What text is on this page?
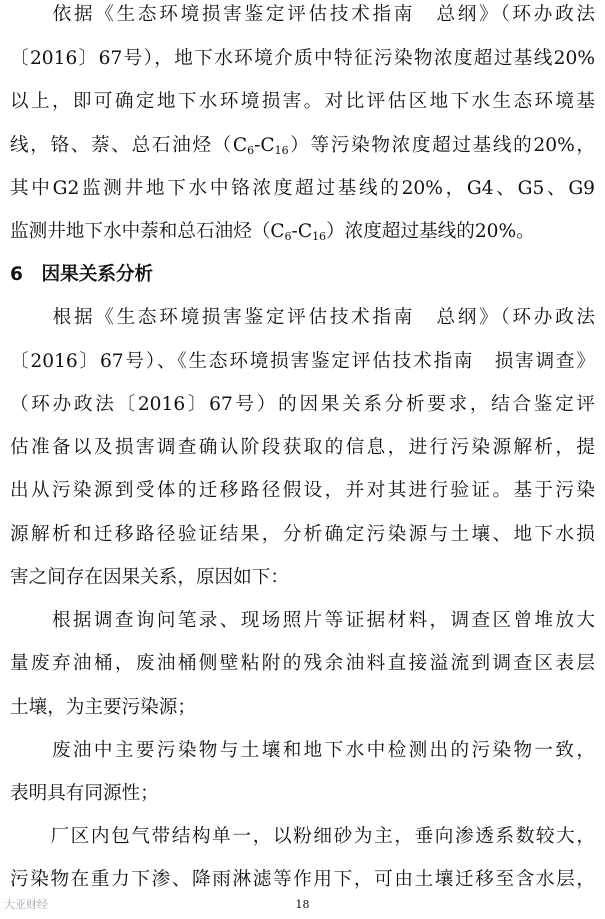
　　依据《生态环境损害鉴定评估技术指南　总纲》（环办政法
〔2016〕67号），地下水环境介质中特征污染物浓度超过基线20%
以上，即可确定地下水环境损害。对比评估区地下水生态环境基
线，铬、萘、总石油烃$(C_6-C_{16})$等污染物浓度超过基线的20%，
其中G2监测井地下水中铬浓度超过基线的20%，G4、G5、G9
监测井地下水中萘和总石油烃$(C_6-C_{16})$浓度超过基线的20%。
6　因果关系分析
　　根据《生态环境损害鉴定评估技术指南　总纲》（环办政法
〔2016〕67号）、《生态环境损害鉴定评估技术指南　损害调查》
（环办政法〔2016〕67号）的因果关系分析要求，结合鉴定评
估准备以及损害调查确认阶段获取的信息，进行污染源解析，提
出从污染源到受体的迁移路径假设，并对其进行验证。基于污染
源解析和迁移路径验证结果，分析确定污染源与土壤、地下水损
害之间存在因果关系，原因如下：
　　根据调查询问笔录、现场照片等证据材料，调查区曾堆放大
量废弃油桶，废油桶侧壁粘附的残余油料直接溢流到调查区表层
土壤，为主要污染源；
　　废油中主要污染物与土壤和地下水中检测出的污染物一致，
表明具有同源性；
　　厂区内包气带结构单一，以粉细砂为主，垂向渗透系数较大，
污染物在重力下渗、降雨淋滤等作用下，可由土壤迁移至含水层，
大亚财经	18
